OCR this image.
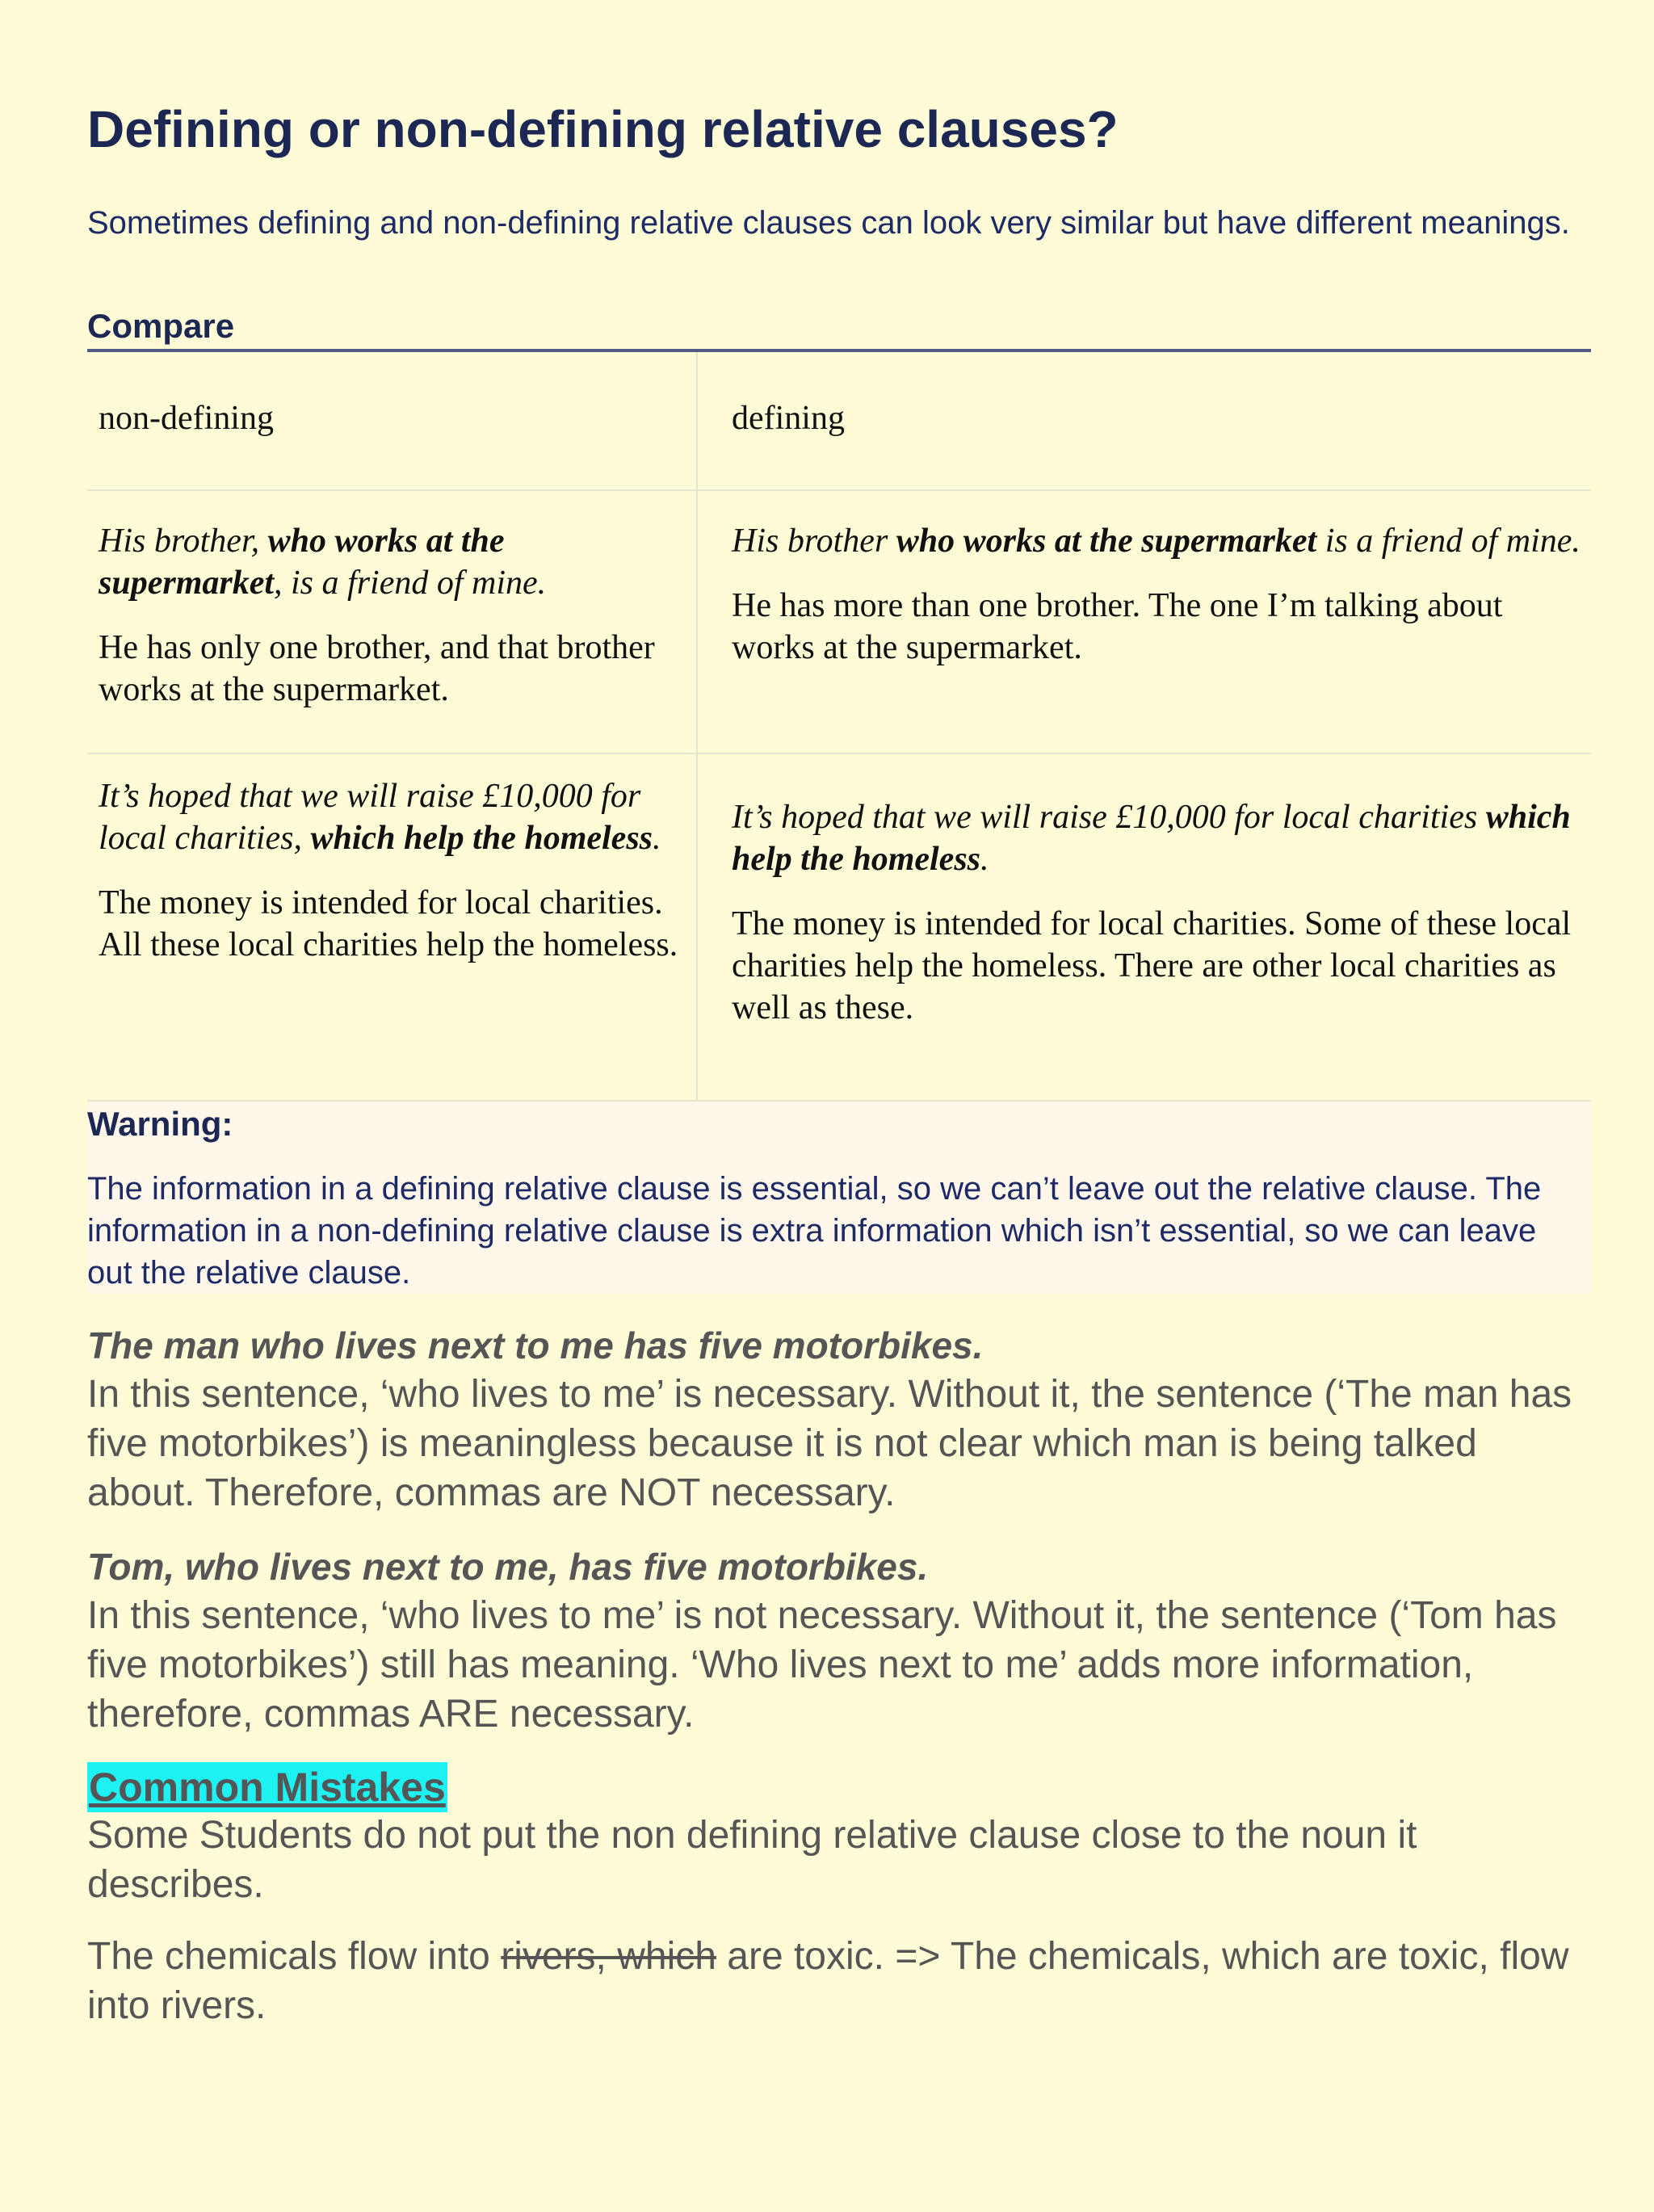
Defining or non-defining relative clauses?
Sometimes defining and non-defining relative clauses can look very similar but have different meanings.
Compare
non-defining	defining

His brother, who works at the supermarket, is a friend of mine.

He has only one brother, and that brother works at the supermarket.

His brother who works at the supermarket is a friend of mine.

He has more than one brother. The one I’m talking about works at the supermarket.

It’s hoped that we will raise £10,000 for local charities, which help the homeless.

The money is intended for local charities. All these local charities help the homeless.

It’s hoped that we will raise £10,000 for local charities which help the homeless.

The money is intended for local charities. Some of these local charities help the homeless. There are other local charities as well as these.

Warning:
The information in a defining relative clause is essential, so we can’t leave out the relative clause. The information in a non-defining relative clause is extra information which isn’t essential, so we can leave out the relative clause.
The man who lives next to me has five motorbikes.
In this sentence, ‘who lives to me’ is necessary. Without it, the sentence (‘The man has five motorbikes’) is meaningless because it is not clear which man is being talked about. Therefore, commas are NOT necessary.
Tom, who lives next to me, has five motorbikes.
In this sentence, ‘who lives to me’ is not necessary. Without it, the sentence (‘Tom has five motorbikes’) still has meaning. ‘Who lives next to me’ adds more information, therefore, commas ARE necessary.
Common Mistakes
Some Students do not put the non defining relative clause close to the noun it describes.
The chemicals flow into rivers, which are toxic. => The chemicals, which are toxic, flow into rivers.
